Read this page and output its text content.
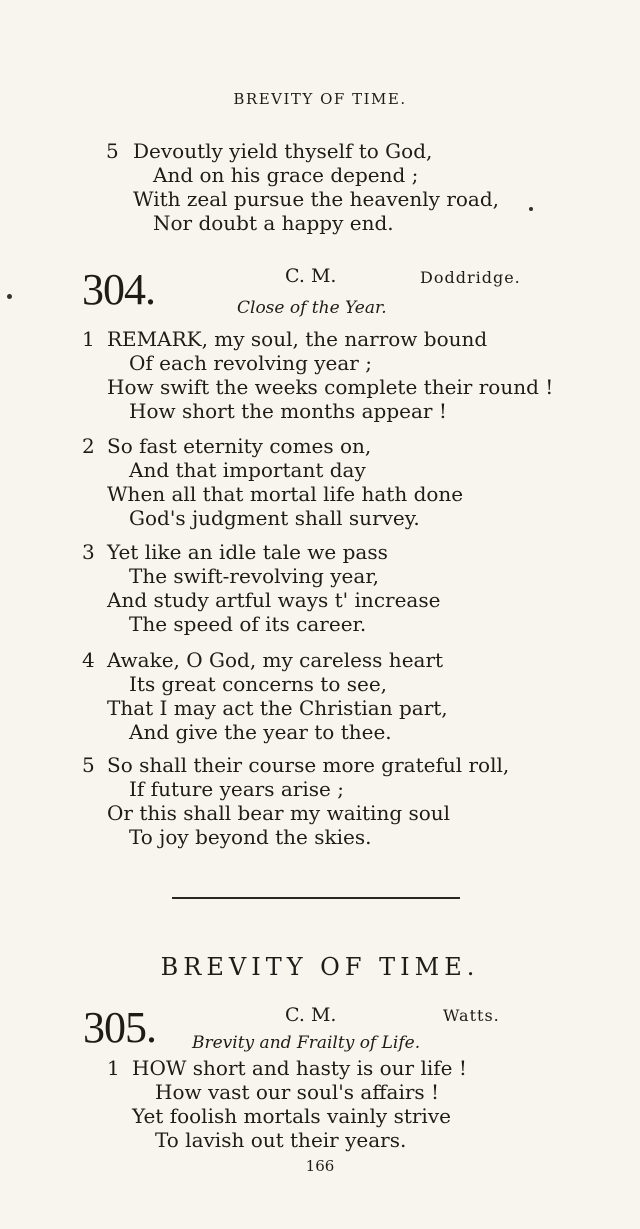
BREVITY OF TIME.
5 Devoutly yield thyself to God,
And on his grace depend ;
With zeal pursue the heavenly road,
Nor doubt a happy end.
304.	C. M.	Doddridge.
Close of the Year.
1 REMARK, my soul, the narrow bound
Of each revolving year ;
How swift the weeks complete their round !
How short the months appear !
2 So fast eternity comes on,
And that important day
When all that mortal life hath done
God's judgment shall survey.
3 Yet like an idle tale we pass
The swift-revolving year,
And study artful ways t' increase
The speed of its career.
4 Awake, O God, my careless heart
Its great concerns to see,
That I may act the Christian part,
And give the year to thee.
5 So shall their course more grateful roll,
If future years arise ;
Or this shall bear my waiting soul
To joy beyond the skies.
BREVITY OF TIME.
305.	C. M.	Watts.
Brevity and Frailty of Life.
1 HOW short and hasty is our life !
How vast our soul's affairs !
Yet foolish mortals vainly strive
To lavish out their years.
166
